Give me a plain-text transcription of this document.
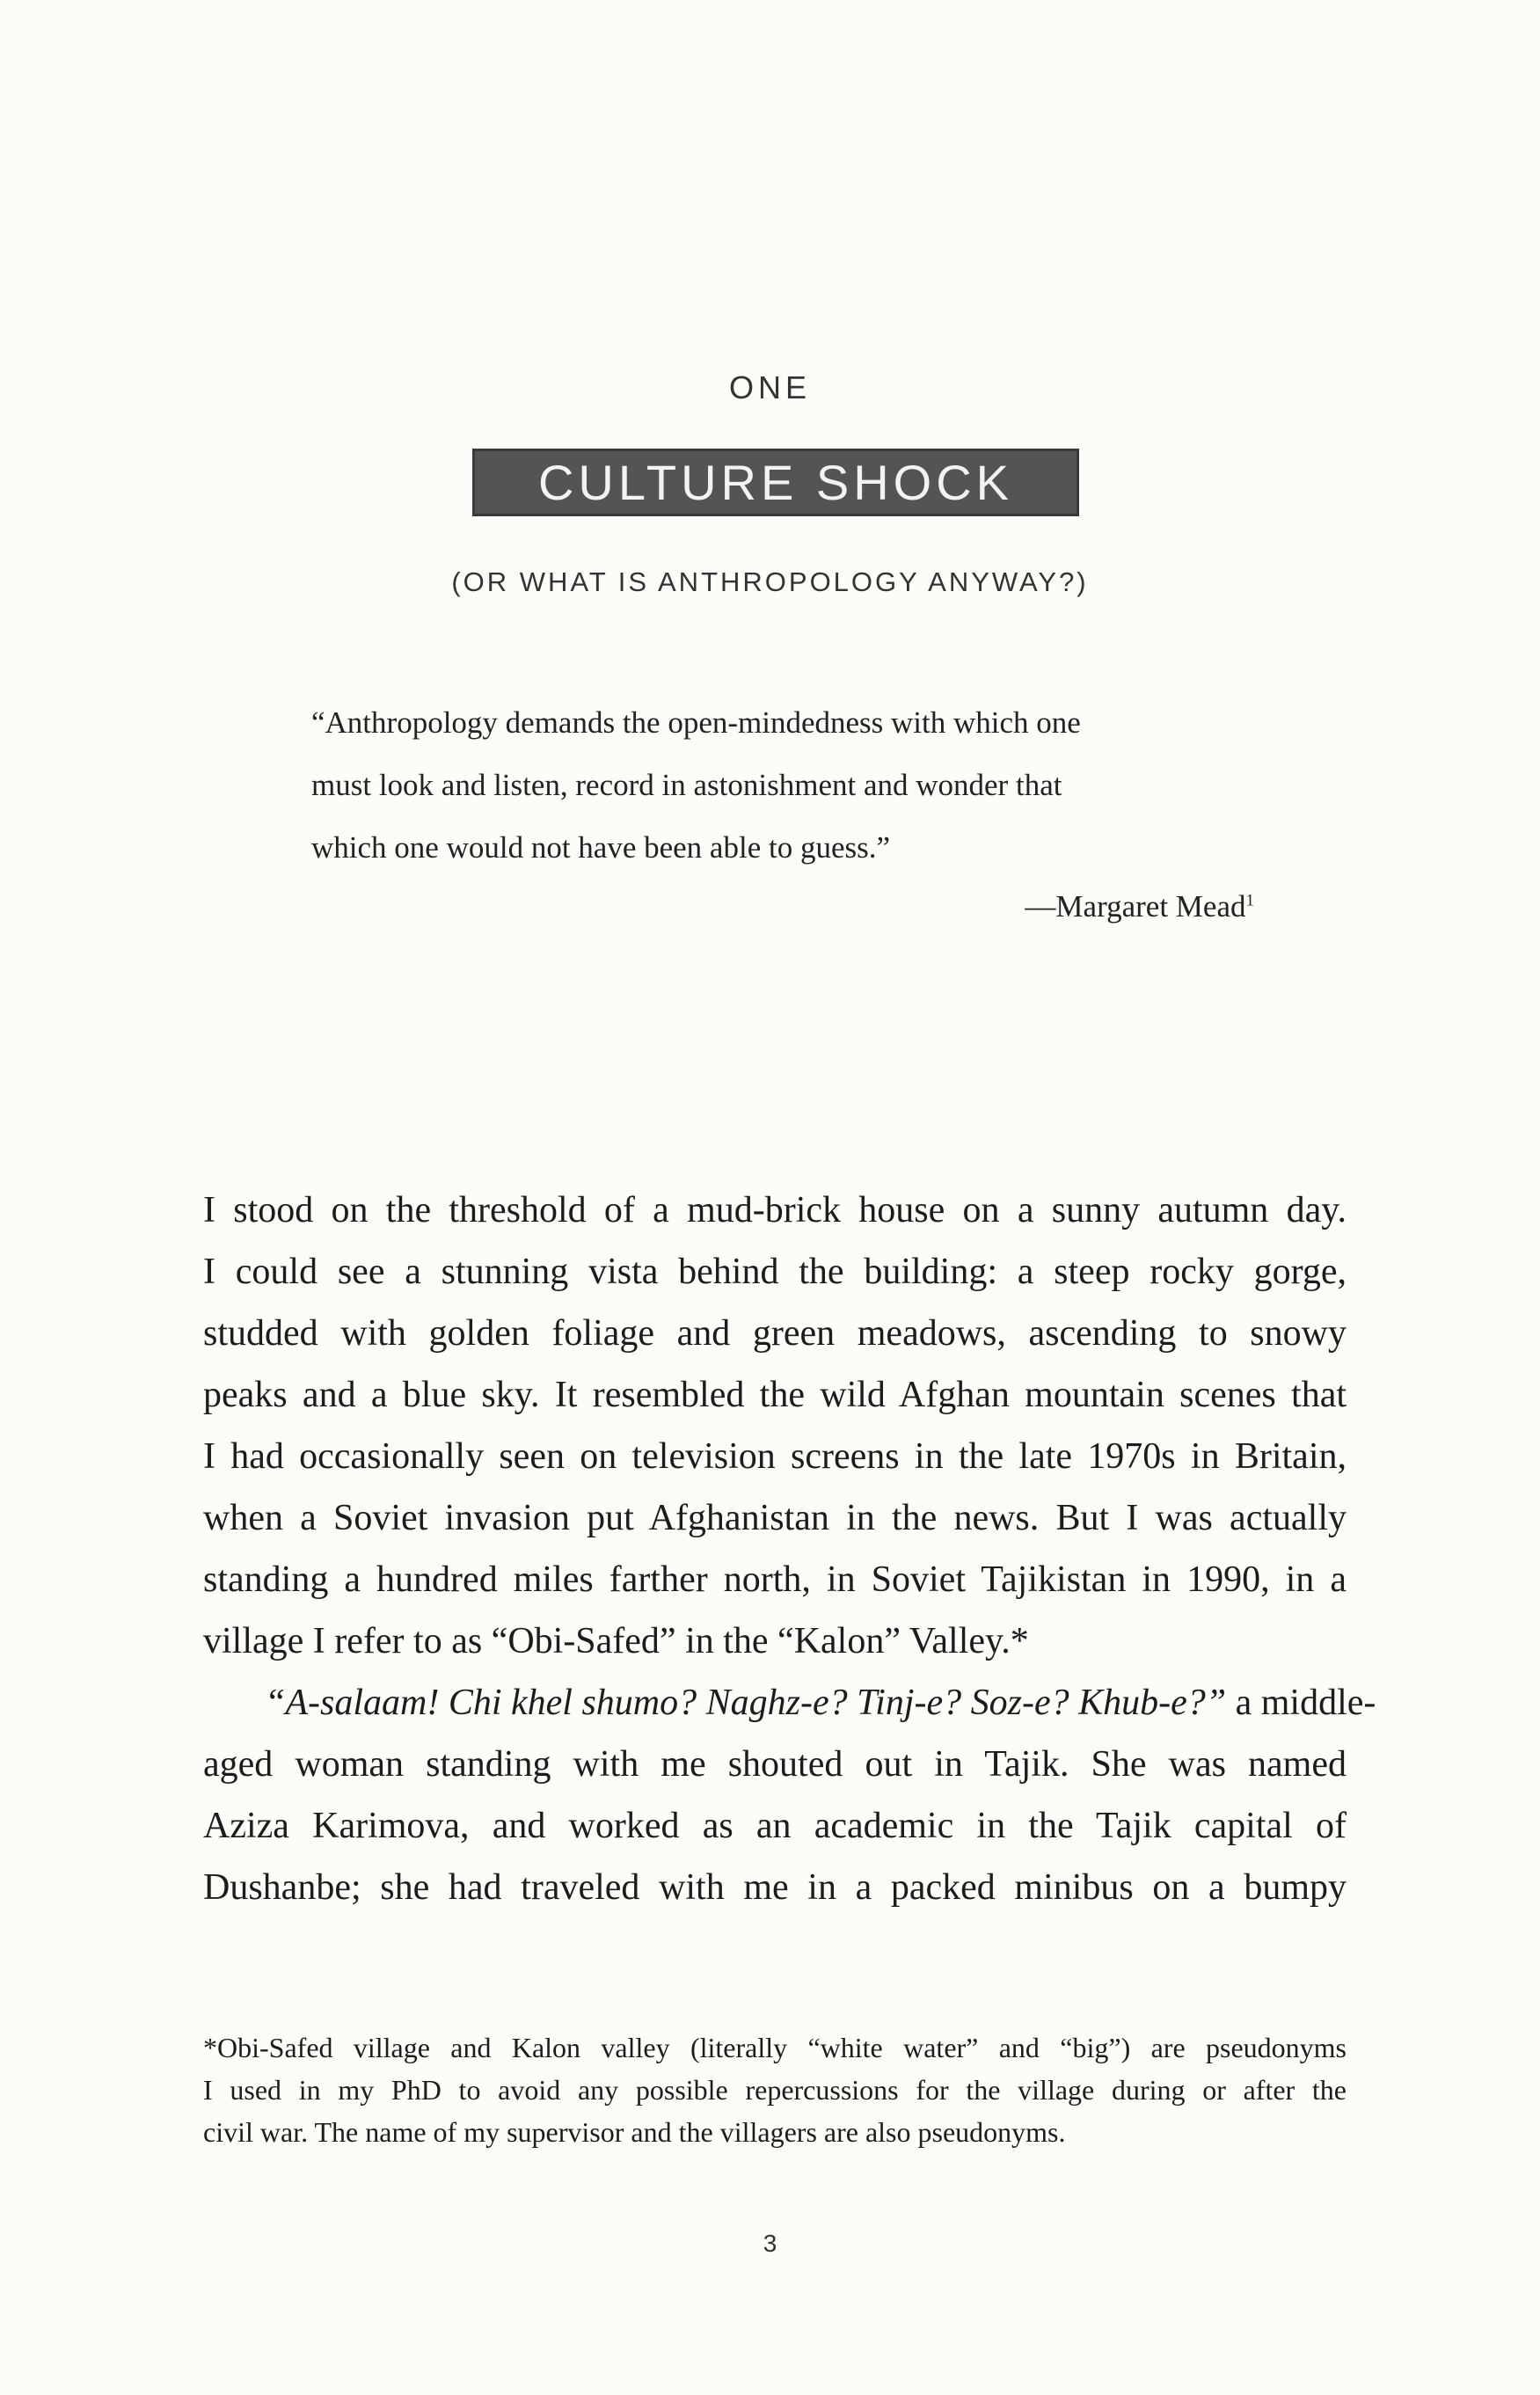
ONE
CULTURE SHOCK
(OR WHAT IS ANTHROPOLOGY ANYWAY?)
“Anthropology demands the open-mindedness with which one
must look and listen, record in astonishment and wonder that
which one would not have been able to guess.”
—Margaret Mead$^1$
I stood on the threshold of a mud-brick house on a sunny autumn day.
I could see a stunning vista behind the building: a steep rocky gorge,
studded with golden foliage and green meadows, ascending to snowy
peaks and a blue sky. It resembled the wild Afghan mountain scenes that
I had occasionally seen on television screens in the late 1970s in Britain,
when a Soviet invasion put Afghanistan in the news. But I was actually
standing a hundred miles farther north, in Soviet Tajikistan in 1990, in a
village I refer to as “Obi-Safed” in the “Kalon” Valley.*
“A-salaam! Chi khel shumo? Naghz-e? Tinj-e? Soz-e? Khub-e?” a middle-
aged woman standing with me shouted out in Tajik. She was named
Aziza Karimova, and worked as an academic in the Tajik capital of
Dushanbe; she had traveled with me in a packed minibus on a bumpy
*Obi-Safed village and Kalon valley (literally “white water” and “big”) are pseudonyms
I used in my PhD to avoid any possible repercussions for the village during or after the
civil war. The name of my supervisor and the villagers are also pseudonyms.
3
